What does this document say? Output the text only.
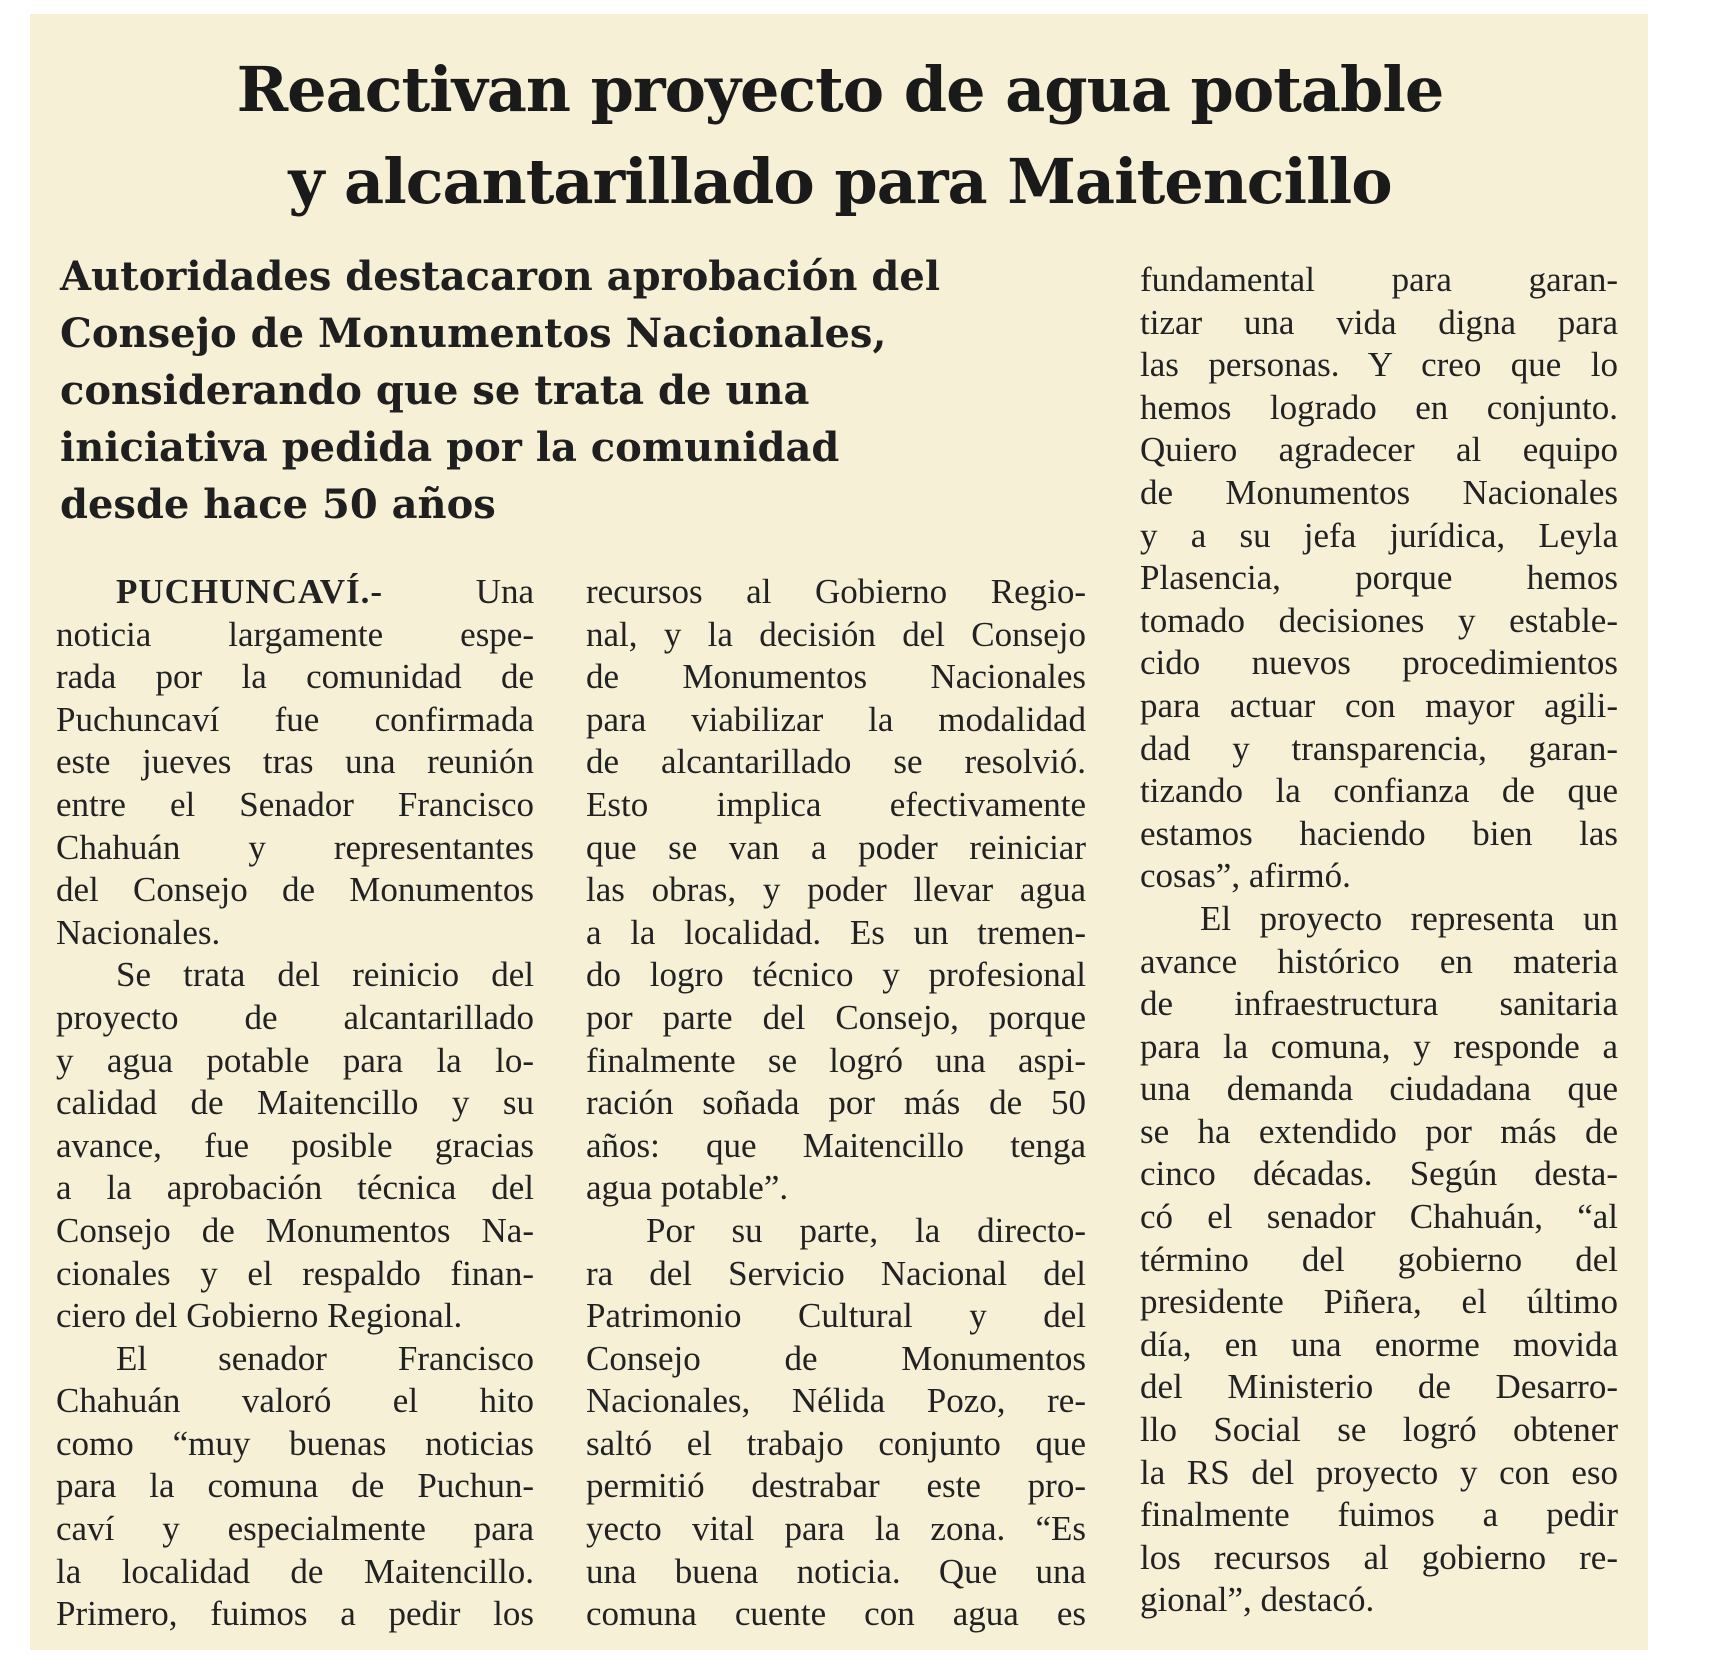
Reactivan proyecto de agua potable
y alcantarillado para Maitencillo
Autoridades destacaron aprobación del
Consejo de Monumentos Nacionales,
considerando que se trata de una
iniciativa pedida por la comunidad
desde hace 50 años
PUCHUNCAVÍ.-	Una
noticia largamente espe-
rada por la comunidad de
Puchuncaví fue confirmada
este jueves tras una reunión
entre el Senador Francisco
Chahuán y representantes
del Consejo de Monumentos
Nacionales.
Se trata del reinicio del
proyecto de alcantarillado
y agua potable para la lo-
calidad de Maitencillo y su
avance, fue posible gracias
a la aprobación técnica del
Consejo de Monumentos Na-
cionales y el respaldo finan-
ciero del Gobierno Regional.
El senador Francisco
Chahuán valoró el hito
como “muy buenas noticias
para la comuna de Puchun-
caví y especialmente para
la localidad de Maitencillo.
Primero, fuimos a pedir los
recursos al Gobierno Regio-
nal, y la decisión del Consejo
de Monumentos Nacionales
para viabilizar la modalidad
de alcantarillado se resolvió.
Esto implica efectivamente
que se van a poder reiniciar
las obras, y poder llevar agua
a la localidad. Es un tremen-
do logro técnico y profesional
por parte del Consejo, porque
finalmente se logró una aspi-
ración soñada por más de 50
años: que Maitencillo tenga
agua potable”.
Por su parte, la directo-
ra del Servicio Nacional del
Patrimonio Cultural y del
Consejo de Monumentos
Nacionales, Nélida Pozo, re-
saltó el trabajo conjunto que
permitió destrabar este pro-
yecto vital para la zona. “Es
una buena noticia. Que una
comuna cuente con agua es
fundamental para garan-
tizar una vida digna para
las personas. Y creo que lo
hemos logrado en conjunto.
Quiero agradecer al equipo
de Monumentos Nacionales
y a su jefa jurídica, Leyla
Plasencia, porque hemos
tomado decisiones y estable-
cido nuevos procedimientos
para actuar con mayor agili-
dad y transparencia, garan-
tizando la confianza de que
estamos haciendo bien las
cosas”, afirmó.
El proyecto representa un
avance histórico en materia
de infraestructura sanitaria
para la comuna, y responde a
una demanda ciudadana que
se ha extendido por más de
cinco décadas. Según desta-
có el senador Chahuán, “al
término del gobierno del
presidente Piñera, el último
día, en una enorme movida
del Ministerio de Desarro-
llo Social se logró obtener
la RS del proyecto y con eso
finalmente fuimos a pedir
los recursos al gobierno re-
gional”, destacó.
